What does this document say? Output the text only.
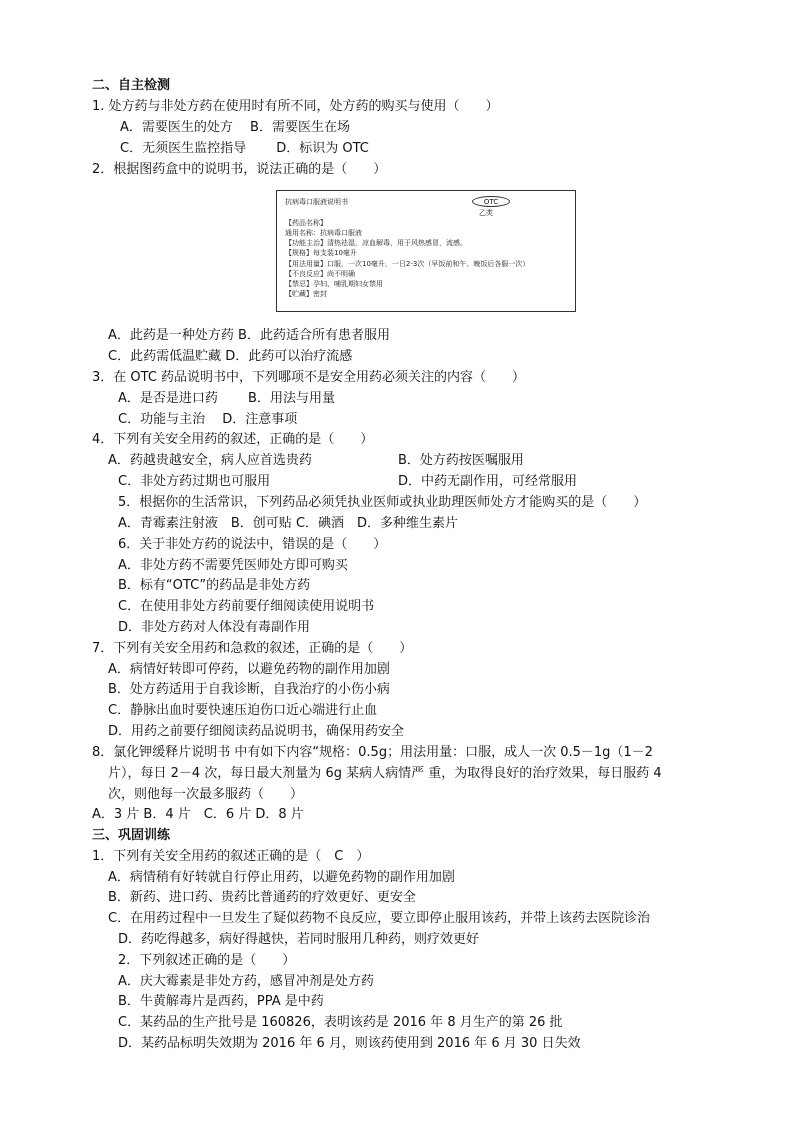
二、自主检测
1. 处方药与非处方药在使用时有所不同，处方药的购买与使用（　　）
A．需要医生的处方　 B．需要医生在场
C．无须医生监控指导　　 D．标识为 OTC
2．根据图药盒中的说明书，说法正确的是（　　）
抗病毒口服液说明书	OTC
乙类
【药品名称】
通用名称：抗病毒口服液
【功能主治】清热祛湿，凉血解毒，用于风热感冒，流感。
【规格】每支装10毫升
【用法用量】口服，一次10毫升，一日2-3次（早饭前和午、晚饭后各服一次）
【不良反应】尚不明确
【禁忌】孕妇、哺乳期妇女禁用
【贮藏】密封
A．此药是一种处方药 B．此药适合所有患者服用
C．此药需低温贮藏 D．此药可以治疗流感
3．在 OTC 药品说明书中，下列哪项不是安全用药必须关注的内容（　　）
A．是否是进口药　　 B．用法与用量
C．功能与主治　 D．注意事项
4．下列有关安全用药的叙述，正确的是（　　）
A．药越贵越安全，病人应首选贵药	B．处方药按医嘱服用
C．非处方药过期也可服用	D．中药无副作用，可经常服用
5．根据你的生活常识，下列药品必须凭执业医师或执业助理医师处方才能购买的是（　　）
A．青霉素注射液　B．创可贴 C．碘酒　D．多种维生素片
6．关于非处方药的说法中，错误的是（　　）
A．非处方药不需要凭医师处方即可购买
B．标有“OTC”的药品是非处方药
C．在使用非处方药前要仔细阅读使用说明书
D．非处方药对人体没有毒副作用
7．下列有关安全用药和急救的叙述，正确的是（　　）
A．病情好转即可停药，以避免药物的副作用加剧
B．处方药适用于自我诊断，自我治疗的小伤小病
C．静脉出血时要快速压迫伤口近心端进行止血
D．用药之前要仔细阅读药品说明书，确保用药安全
8．氯化钾缓释片说明书 中有如下内容“规格：0.5g；用法用量：口服，成人一次 0.5－1g（1－2
片），每日 2－4 次，每日最大剂量为 6g 某病人病情严 重，为取得良好的治疗效果，每日服药 4
次，则他每一次最多服药（　　）
A．3 片 B．4 片　C．6 片 D．8 片
三、巩固训练
1．下列有关安全用药的叙述正确的是（　C　）
A．病情稍有好转就自行停止用药，以避免药物的副作用加剧
B．新药、进口药、贵药比普通药的疗效更好、更安全
C．在用药过程中一旦发生了疑似药物不良反应，要立即停止服用该药，并带上该药去医院诊治
D．药吃得越多，病好得越快，若同时服用几种药，则疗效更好
2．下列叙述正确的是（　　）
A．庆大霉素是非处方药，感冒冲剂是处方药
B．牛黄解毒片是西药，PPA 是中药
C．某药品的生产批号是 160826，表明该药是 2016 年 8 月生产的第 26 批
D．某药品标明失效期为 2016 年 6 月，则该药使用到 2016 年 6 月 30 日失效
